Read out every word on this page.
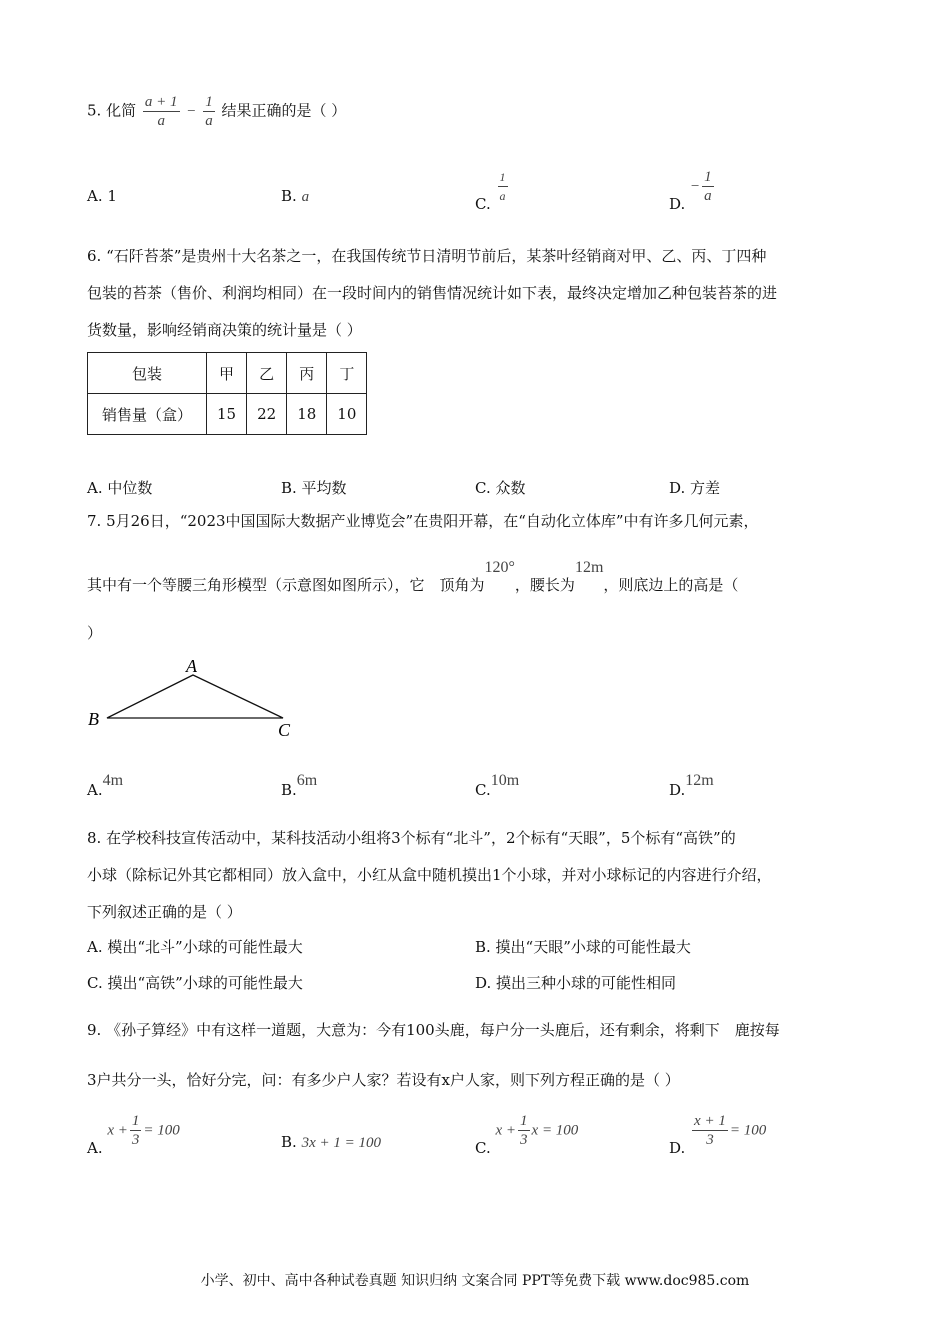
5. 化简 $\frac{a + 1}{a} - \frac{1}{a}$ 结果正确的是（ ）
A. 1	B. a	C. $\frac{1}{a}$	D. − $\frac{1}{a}$
6. “石阡苔茶”是贵州十大名茶之一，在我国传统节日清明节前后，某茶叶经销商对甲、乙、丙、丁四种
包装的苔茶（售价、利润均相同）在一段时间内的销售情况统计如下表，最终决定增加乙种包装苔茶的进
货数量，影响经销商决策的统计量是（ ）
包装	甲	乙	丙	丁
销售量（盒）	15	22	18	10
A. 中位数	B. 平均数	C. 众数	D. 方差
7. 5月26日，“2023中国国际大数据产业博览会”在贵阳开幕，在“自动化立体库”中有许多几何元素，
其中有一个等腰三角形模型（示意图如图所示），它　顶角为120°，腰长为12m，则底边上的高是（
）
A
B
C
A.4m
B.6m
C.10m
D.12m
8. 在学校科技宣传活动中，某科技活动小组将3个标有“北斗”，2个标有“天眼”，5个标有“高铁”的
小球（除标记外其它都相同）放入盒中，小红从盒中随机摸出1个小球，并对小球标记的内容进行介绍，
下列叙述正确的是（ ）
A. 模出“北斗”小球的可能性最大	B. 摸出“天眼”小球的可能性最大
C. 摸出“高铁”小球的可能性最大	D. 摸出三种小球的可能性相同
9. 《孙子算经》中有这样一道题，大意为：今有100头鹿，每户分一头鹿后，还有剩余，将剩下　鹿按每
3户共分一头，恰好分完，问：有多少户人家？若设有x户人家，则下列方程正确的是（ ）
A. $x + \frac{1}{3} = 100$
B. 3x + 1 = 100	C. $x + \frac{1}{3}$ x = 100
D. $\frac{x + 1}{3} = 100$
小学、初中、高中各种试卷真题 知识归纳 文案合同 PPT等免费下载 www.doc985.com
